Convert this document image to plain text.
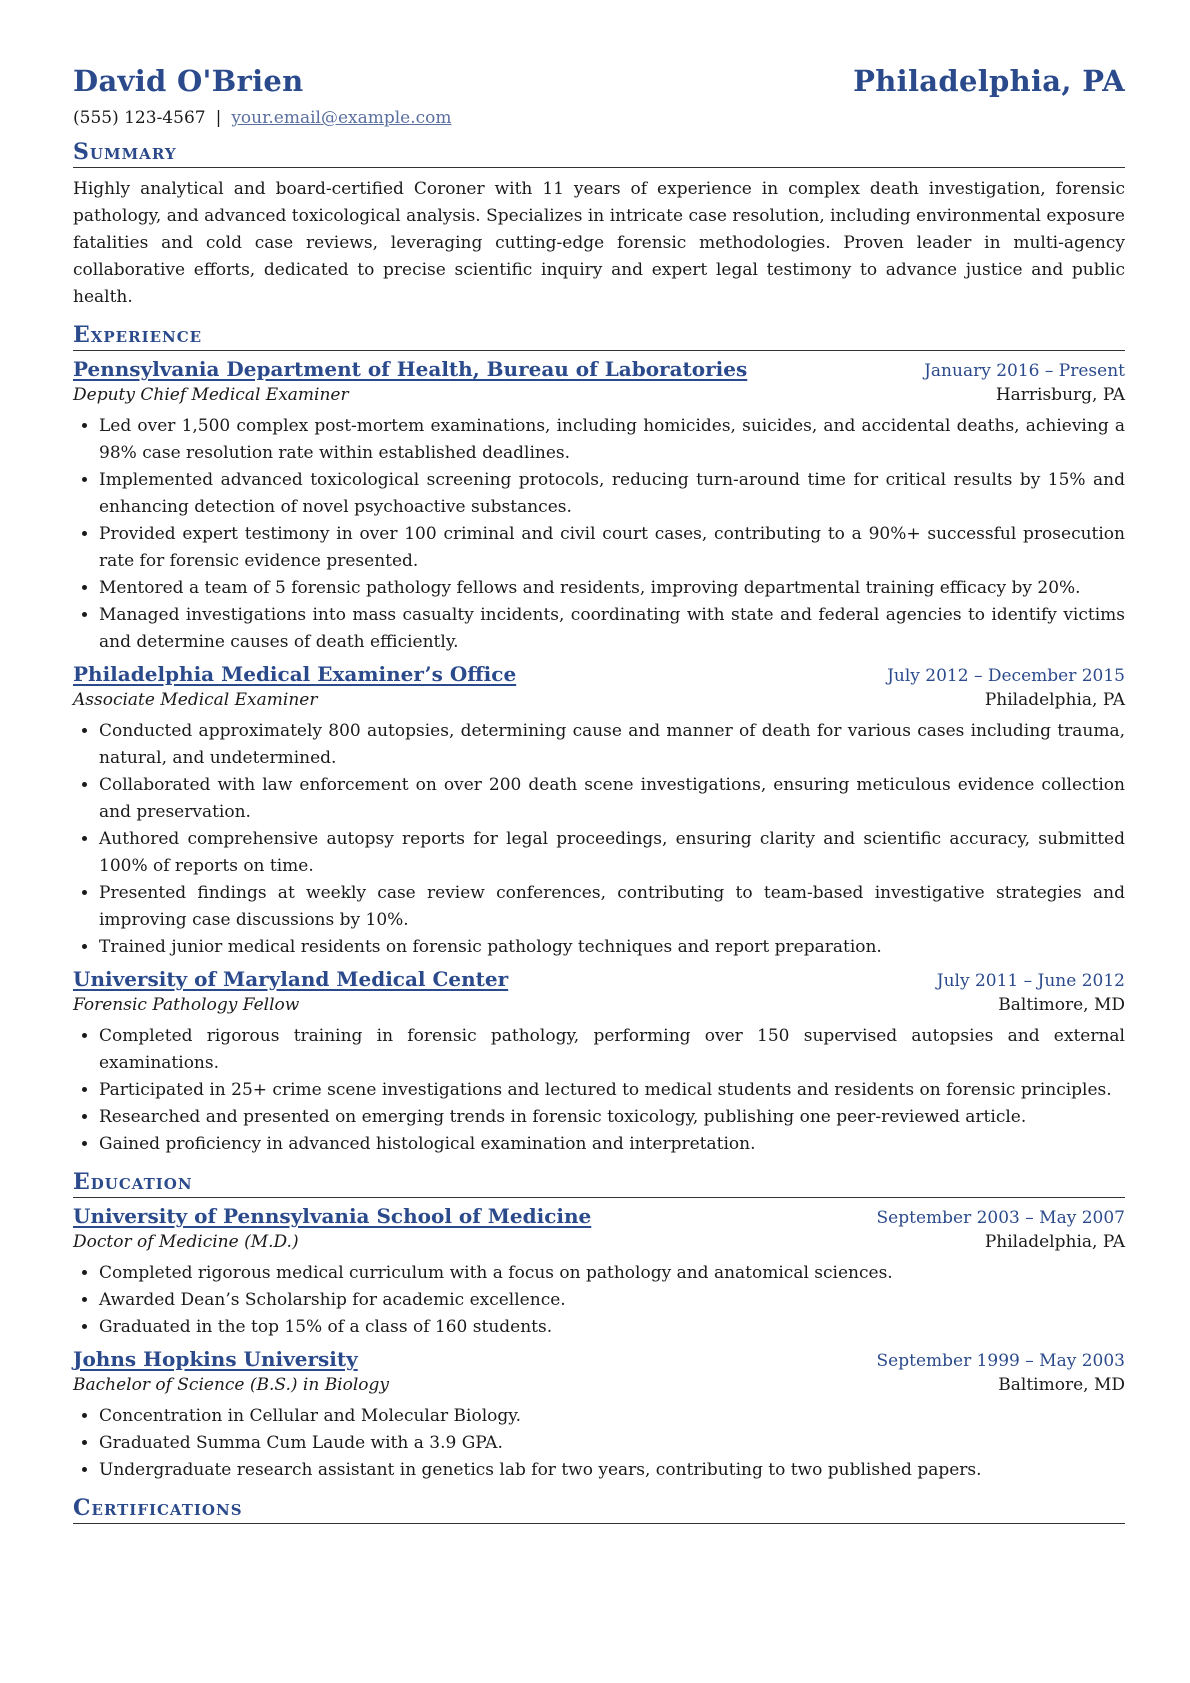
David O'Brien	Philadelphia, PA
(555) 123-4567 | your.email@example.com
Summary
Highly analytical and board-certified Coroner with 11 years of experience in complex death investigation, forensic pathology, and advanced toxicological analysis. Specializes in intricate case resolution, including environmental exposure fatalities and cold case reviews, leveraging cutting-edge forensic methodologies. Proven leader in multi-agency collaborative efforts, dedicated to precise scientific inquiry and expert legal testimony to advance justice and public health.
Experience
Pennsylvania Department of Health, Bureau of Laboratories	January 2016 – Present
Deputy Chief Medical Examiner	Harrisburg, PA
• Led over 1,500 complex post-mortem examinations, including homicides, suicides, and accidental deaths, achieving a 98% case resolution rate within established deadlines.
• Implemented advanced toxicological screening protocols, reducing turn-around time for critical results by 15% and enhancing detection of novel psychoactive substances.
• Provided expert testimony in over 100 criminal and civil court cases, contributing to a 90%+ successful prosecution rate for forensic evidence presented.
• Mentored a team of 5 forensic pathology fellows and residents, improving departmental training efficacy by 20%.
• Managed investigations into mass casualty incidents, coordinating with state and federal agencies to identify victims and determine causes of death efficiently.
Philadelphia Medical Examiner’s Office	July 2012 – December 2015
Associate Medical Examiner	Philadelphia, PA
• Conducted approximately 800 autopsies, determining cause and manner of death for various cases including trauma, natural, and undetermined.
• Collaborated with law enforcement on over 200 death scene investigations, ensuring meticulous evidence collection and preservation.
• Authored comprehensive autopsy reports for legal proceedings, ensuring clarity and scientific accuracy, submitted 100% of reports on time.
• Presented findings at weekly case review conferences, contributing to team-based investigative strategies and improving case discussions by 10%.
• Trained junior medical residents on forensic pathology techniques and report preparation.
University of Maryland Medical Center	July 2011 – June 2012
Forensic Pathology Fellow	Baltimore, MD
• Completed rigorous training in forensic pathology, performing over 150 supervised autopsies and external examinations.
• Participated in 25+ crime scene investigations and lectured to medical students and residents on forensic principles.
• Researched and presented on emerging trends in forensic toxicology, publishing one peer-reviewed article.
• Gained proficiency in advanced histological examination and interpretation.
Education
University of Pennsylvania School of Medicine	September 2003 – May 2007
Doctor of Medicine (M.D.)	Philadelphia, PA
• Completed rigorous medical curriculum with a focus on pathology and anatomical sciences.
• Awarded Dean’s Scholarship for academic excellence.
• Graduated in the top 15% of a class of 160 students.
Johns Hopkins University	September 1999 – May 2003
Bachelor of Science (B.S.) in Biology	Baltimore, MD
• Concentration in Cellular and Molecular Biology.
• Graduated Summa Cum Laude with a 3.9 GPA.
• Undergraduate research assistant in genetics lab for two years, contributing to two published papers.
Certifications
